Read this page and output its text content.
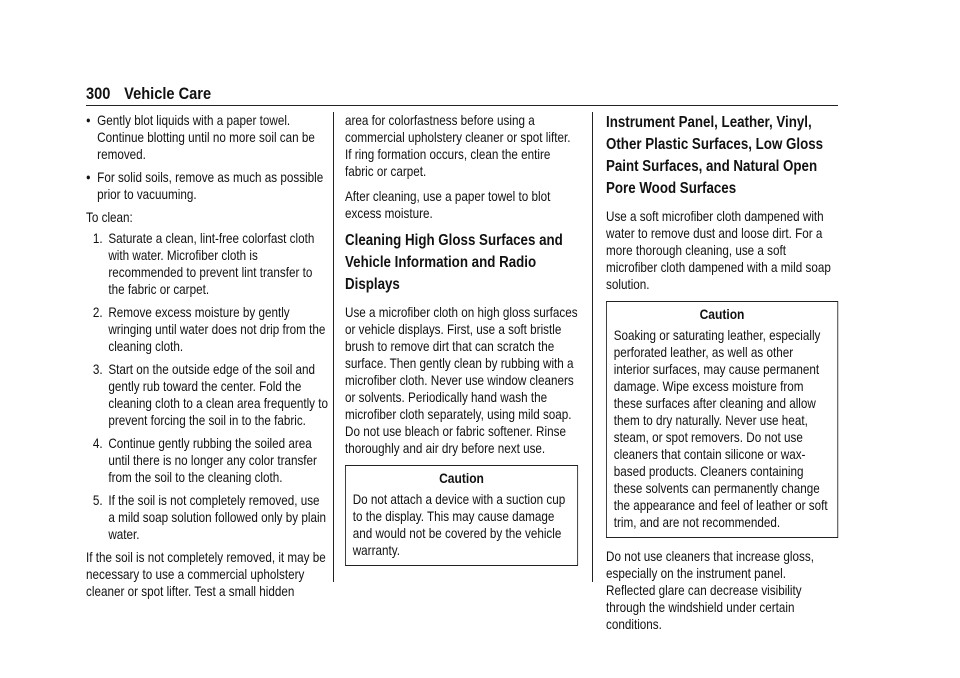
300 Vehicle Care
● Gently blot liquids with a paper towel. Continue blotting until no more soil can be removed.
● For solid soils, remove as much as possible prior to vacuuming.

To clean:

1. Saturate a clean, lint-free colorfast cloth with water. Microfiber cloth is recommended to prevent lint transfer to the fabric or carpet.
2. Remove excess moisture by gently wringing until water does not drip from the cleaning cloth.
3. Start on the outside edge of the soil and gently rub toward the center. Fold the cleaning cloth to a clean area frequently to prevent forcing the soil in to the fabric.
4. Continue gently rubbing the soiled area until there is no longer any color transfer from the soil to the cleaning cloth.
5. If the soil is not completely removed, use a mild soap solution followed only by plain water.

If the soil is not completely removed, it may be necessary to use a commercial upholstery cleaner or spot lifter. Test a small hidden

area for colorfastness before using a commercial upholstery cleaner or spot lifter. If ring formation occurs, clean the entire fabric or carpet.

After cleaning, use a paper towel to blot excess moisture.

Cleaning High Gloss Surfaces and Vehicle Information and Radio Displays

Use a microfiber cloth on high gloss surfaces or vehicle displays. First, use a soft bristle brush to remove dirt that can scratch the surface. Then gently clean by rubbing with a microfiber cloth. Never use window cleaners or solvents. Periodically hand wash the microfiber cloth separately, using mild soap. Do not use bleach or fabric softener. Rinse thoroughly and air dry before next use.

Caution

Do not attach a device with a suction cup to the display. This may cause damage and would not be covered by the vehicle warranty.

Instrument Panel, Leather, Vinyl, Other Plastic Surfaces, Low Gloss Paint Surfaces, and Natural Open Pore Wood Surfaces

Use a soft microfiber cloth dampened with water to remove dust and loose dirt. For a more thorough cleaning, use a soft microfiber cloth dampened with a mild soap solution.

Caution

Soaking or saturating leather, especially perforated leather, as well as other interior surfaces, may cause permanent damage. Wipe excess moisture from these surfaces after cleaning and allow them to dry naturally. Never use heat, steam, or spot removers. Do not use cleaners that contain silicone or wax-based products. Cleaners containing these solvents can permanently change the appearance and feel of leather or soft trim, and are not recommended.

Do not use cleaners that increase gloss, especially on the instrument panel. Reflected glare can decrease visibility through the windshield under certain conditions.
